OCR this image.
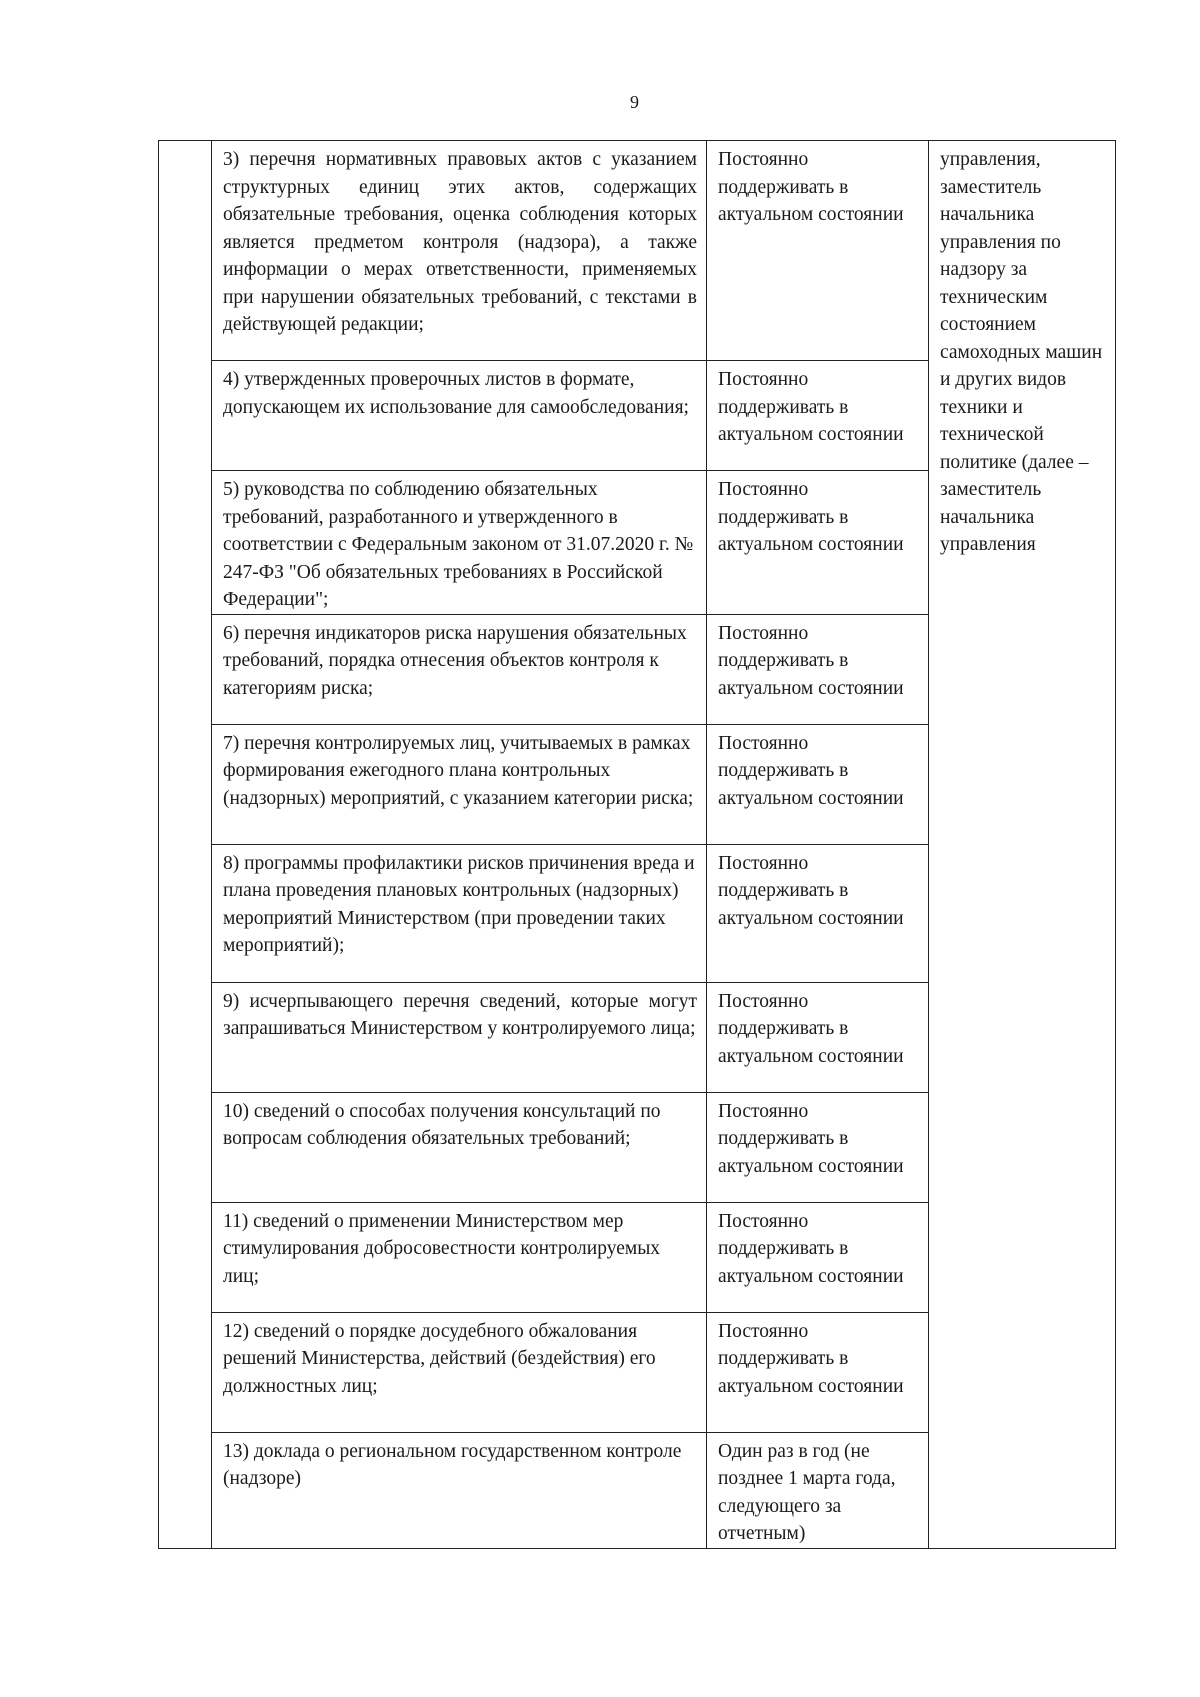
9
	3) перечня нормативных правовых актов с указанием структурных единиц этих актов, содержащих обязательные требования, оценка соблюдения которых является предметом контроля (надзора), а также информации о мерах ответственности, применяемых при нарушении обязательных требований, с текстами в действующей редакции;	Постоянно поддерживать в актуальном состоянии	управления, заместитель начальника управления по надзору за техническим состоянием самоходных машин и других видов техники и технической политике (далее – заместитель начальника управления
	4) утвержденных проверочных листов в формате, допускающем их использование для самообследования;	Постоянно поддерживать в актуальном состоянии	
	5) руководства по соблюдению обязательных требований, разработанного и утвержденного в соответствии с Федеральным законом от 31.07.2020 г. № 247-ФЗ "Об обязательных требованиях в Российской Федерации";	Постоянно поддерживать в актуальном состоянии	
	6) перечня индикаторов риска нарушения обязательных требований, порядка отнесения объектов контроля к категориям риска;	Постоянно поддерживать в актуальном состоянии	
	7) перечня контролируемых лиц, учитываемых в рамках формирования ежегодного плана контрольных (надзорных) мероприятий, с указанием категории риска;	Постоянно поддерживать в актуальном состоянии	
	8) программы профилактики рисков причинения вреда и плана проведения плановых контрольных (надзорных) мероприятий Министерством (при проведении таких мероприятий);	Постоянно поддерживать в актуальном состоянии	
	9) исчерпывающего перечня сведений, которые могут запрашиваться Министерством у контролируемого лица;	Постоянно поддерживать в актуальном состоянии	
	10) сведений о способах получения консультаций по вопросам соблюдения обязательных требований;	Постоянно поддерживать в актуальном состоянии	
	11) сведений о применении Министерством мер стимулирования добросовестности контролируемых лиц;	Постоянно поддерживать в актуальном состоянии	
	12) сведений о порядке досудебного обжалования решений Министерства, действий (бездействия) его должностных лиц;	Постоянно поддерживать в актуальном состоянии	
	13) доклада о региональном государственном контроле (надзоре)	Один раз в год (не позднее 1 марта года, следующего за отчетным)	
